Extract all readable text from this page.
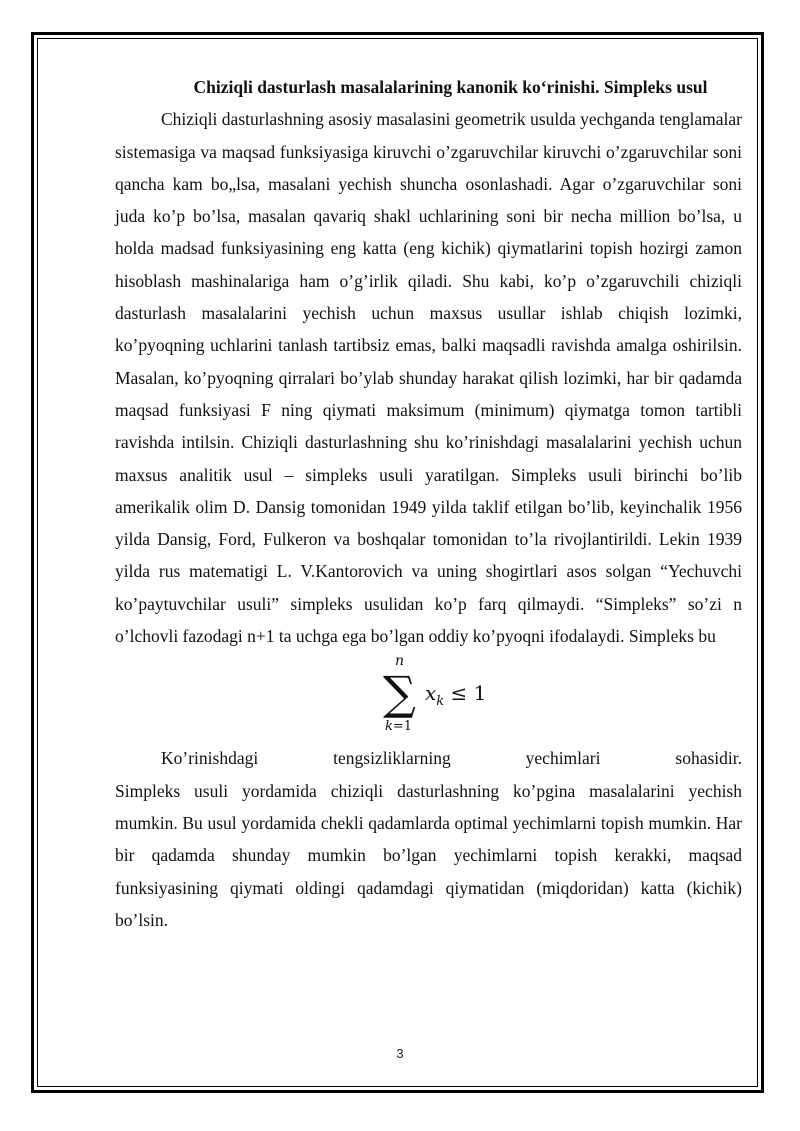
Chiziqli dasturlash masalalarining kanonik koʻrinishi. Simpleks usul

Chiziqli dasturlashning asosiy masalasini geometrik usulda yechganda tenglamalar sistemasiga va maqsad funksiyasiga kiruvchi o’zgaruvchilar kiruvchi o’zgaruvchilar soni qancha kam bo„lsa, masalani yechish shuncha osonlashadi. Agar o’zgaruvchilar soni juda ko’p bo’lsa, masalan qavariq shakl uchlarining soni bir necha million bo’lsa, u holda madsad funksiyasining eng katta (eng kichik) qiymatlarini topish hozirgi zamon hisoblash mashinalariga ham o’g’irlik qiladi. Shu kabi, ko’p o’zgaruvchili chiziqli dasturlash masalalarini yechish uchun maxsus usullar ishlab chiqish lozimki, ko’pyoqning uchlarini tanlash tartibsiz emas, balki maqsadli ravishda amalga oshirilsin. Masalan, ko’pyoqning qirralari bo’ylab shunday harakat qilish lozimki, har bir qadamda maqsad funksiyasi F ning qiymati maksimum (minimum) qiymatga tomon tartibli ravishda intilsin. Chiziqli dasturlashning shu ko’rinishdagi masalalarini yechish uchun maxsus analitik usul – simpleks usuli yaratilgan. Simpleks usuli birinchi bo’lib amerikalik olim D. Dansig tomonidan 1949 yilda taklif etilgan bo’lib, keyinchalik 1956 yilda Dansig, Ford, Fulkeron va boshqalar tomonidan to’la rivojlantirildi. Lekin 1939 yilda rus matematigi L. V.Kantorovich va uning shogirtlari asos solgan “Yechuvchi ko’paytuvchilar usuli” simpleks usulidan ko’p farq qilmaydi. “Simpleks” so’zi n o’lchovli fazodagi n+1 ta uchga ega bo’lgan oddiy ko’pyoqni ifodalaydi. Simpleks bu

n
∑
k=1
$x_k \le 1$
Ko’rinishdagi	tengsizliklarning	yechimlari	sohasidir.

Simpleks usuli yordamida chiziqli dasturlashning ko’pgina masalalarini yechish mumkin. Bu usul yordamida chekli qadamlarda optimal yechimlarni topish mumkin. Har bir qadamda shunday mumkin bo’lgan yechimlarni topish kerakki, maqsad funksiyasining qiymati oldingi qadamdagi qiymatidan (miqdoridan) katta (kichik) bo’lsin.

3
